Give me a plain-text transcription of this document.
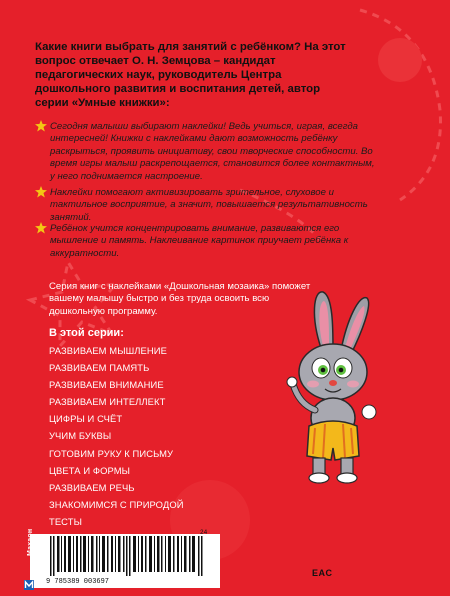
Какие книги выбрать для занятий с ребёнком? На этот вопрос отвечает О. Н. Земцова – кандидат педагогических наук, руководитель Центра дошкольного развития и воспитания детей, автор серии «Умные книжки»:

Сегодня малыши выбирают наклейки! Ведь учиться, играя, всегда интересней! Книжки с наклейками дают возможность ребёнку раскрыться, проявить инициативу, свои творческие способности. Во время игры малыш раскрепощается, становится более контактным, у него поднимается настроение.

Наклейки помогают активизировать зрительное, слуховое и тактильное восприятие, а значит, повышается результативность занятий.

Ребёнок учится концентрировать внимание, развиваются его мышление и память. Наклеивание картинок приучает ребёнка к аккуратности.

Серия книг с наклейками «Дошкольная мозаика» поможет вашему малышу быстро и без труда освоить всю дошкольную программу.

В этой серии:

РАЗВИВАЕМ МЫШЛЕНИЕ
РАЗВИВАЕМ ПАМЯТЬ
РАЗВИВАЕМ ВНИМАНИЕ
РАЗВИВАЕМ ИНТЕЛЛЕКТ
ЦИФРЫ И СЧЁТ
УЧИМ БУКВЫ
ГОТОВИМ РУКУ К ПИСЬМУ
ЦВЕТА И ФОРМЫ
РАЗВИВАЕМ РЕЧЬ
ЗНАКОМИМСЯ С ПРИРОДОЙ
ТЕСТЫ
24
9 785389 003697
Махаон
EAC
